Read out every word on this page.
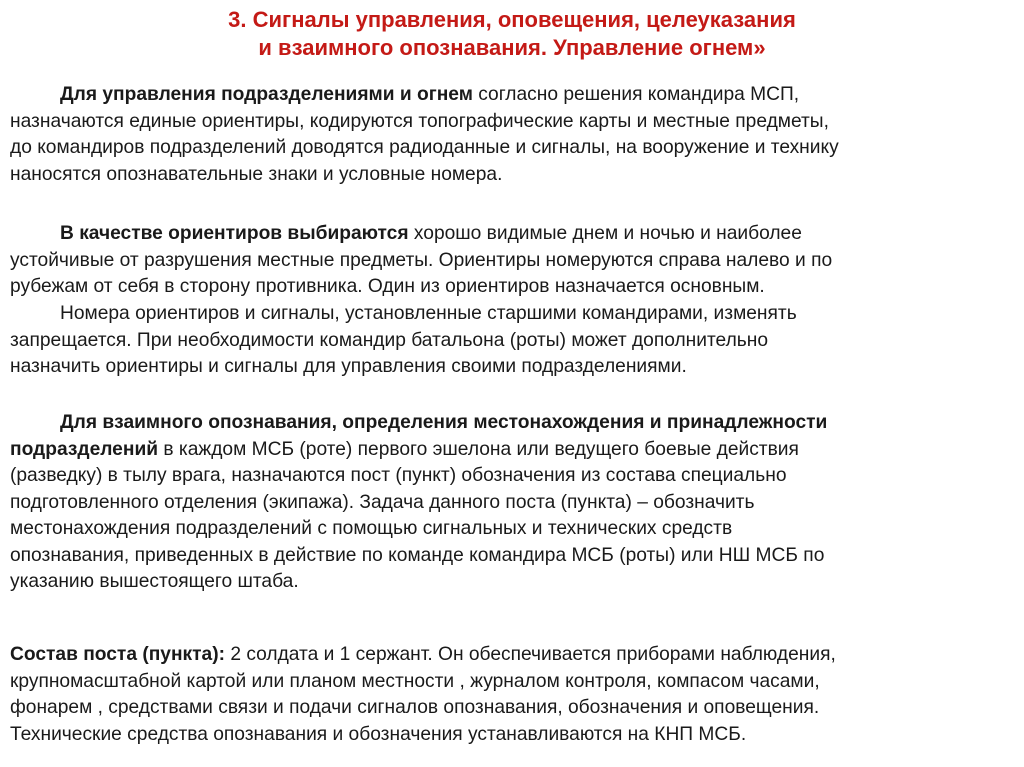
3. Сигналы управления, оповещения, целеуказания
и взаимного опознавания. Управление огнем»
Для управления подразделениями и огнем согласно решения командира МСП,
назначаются единые ориентиры, кодируются топографические карты и местные предметы,
до командиров подразделений доводятся радиоданные и сигналы, на вооружение и технику
наносятся опознавательные знаки и условные номера.
В качестве ориентиров выбираются хорошо видимые днем и ночью и наиболее
устойчивые от разрушения местные предметы. Ориентиры номеруются справа налево и по
рубежам от себя в сторону противника. Один из ориентиров назначается основным.
Номера ориентиров и сигналы, установленные старшими командирами, изменять
запрещается. При необходимости командир батальона (роты) может дополнительно
назначить ориентиры и сигналы для управления своими подразделениями.
Для взаимного опознавания, определения местонахождения и принадлежности
подразделений в каждом МСБ (роте) первого эшелона или ведущего боевые действия
(разведку) в тылу врага, назначаются пост (пункт) обозначения из состава специально
подготовленного отделения (экипажа). Задача данного поста (пункта) – обозначить
местонахождения подразделений с помощью сигнальных и технических средств
опознавания, приведенных в действие по команде командира МСБ (роты) или НШ МСБ по
указанию вышестоящего штаба.
Состав поста (пункта): 2 солдата и 1 сержант. Он обеспечивается приборами наблюдения,
крупномасштабной картой или планом местности , журналом контроля, компасом часами,
фонарем , средствами связи и подачи сигналов опознавания, обозначения и оповещения.
Технические средства опознавания и обозначения устанавливаются на КНП МСБ.
